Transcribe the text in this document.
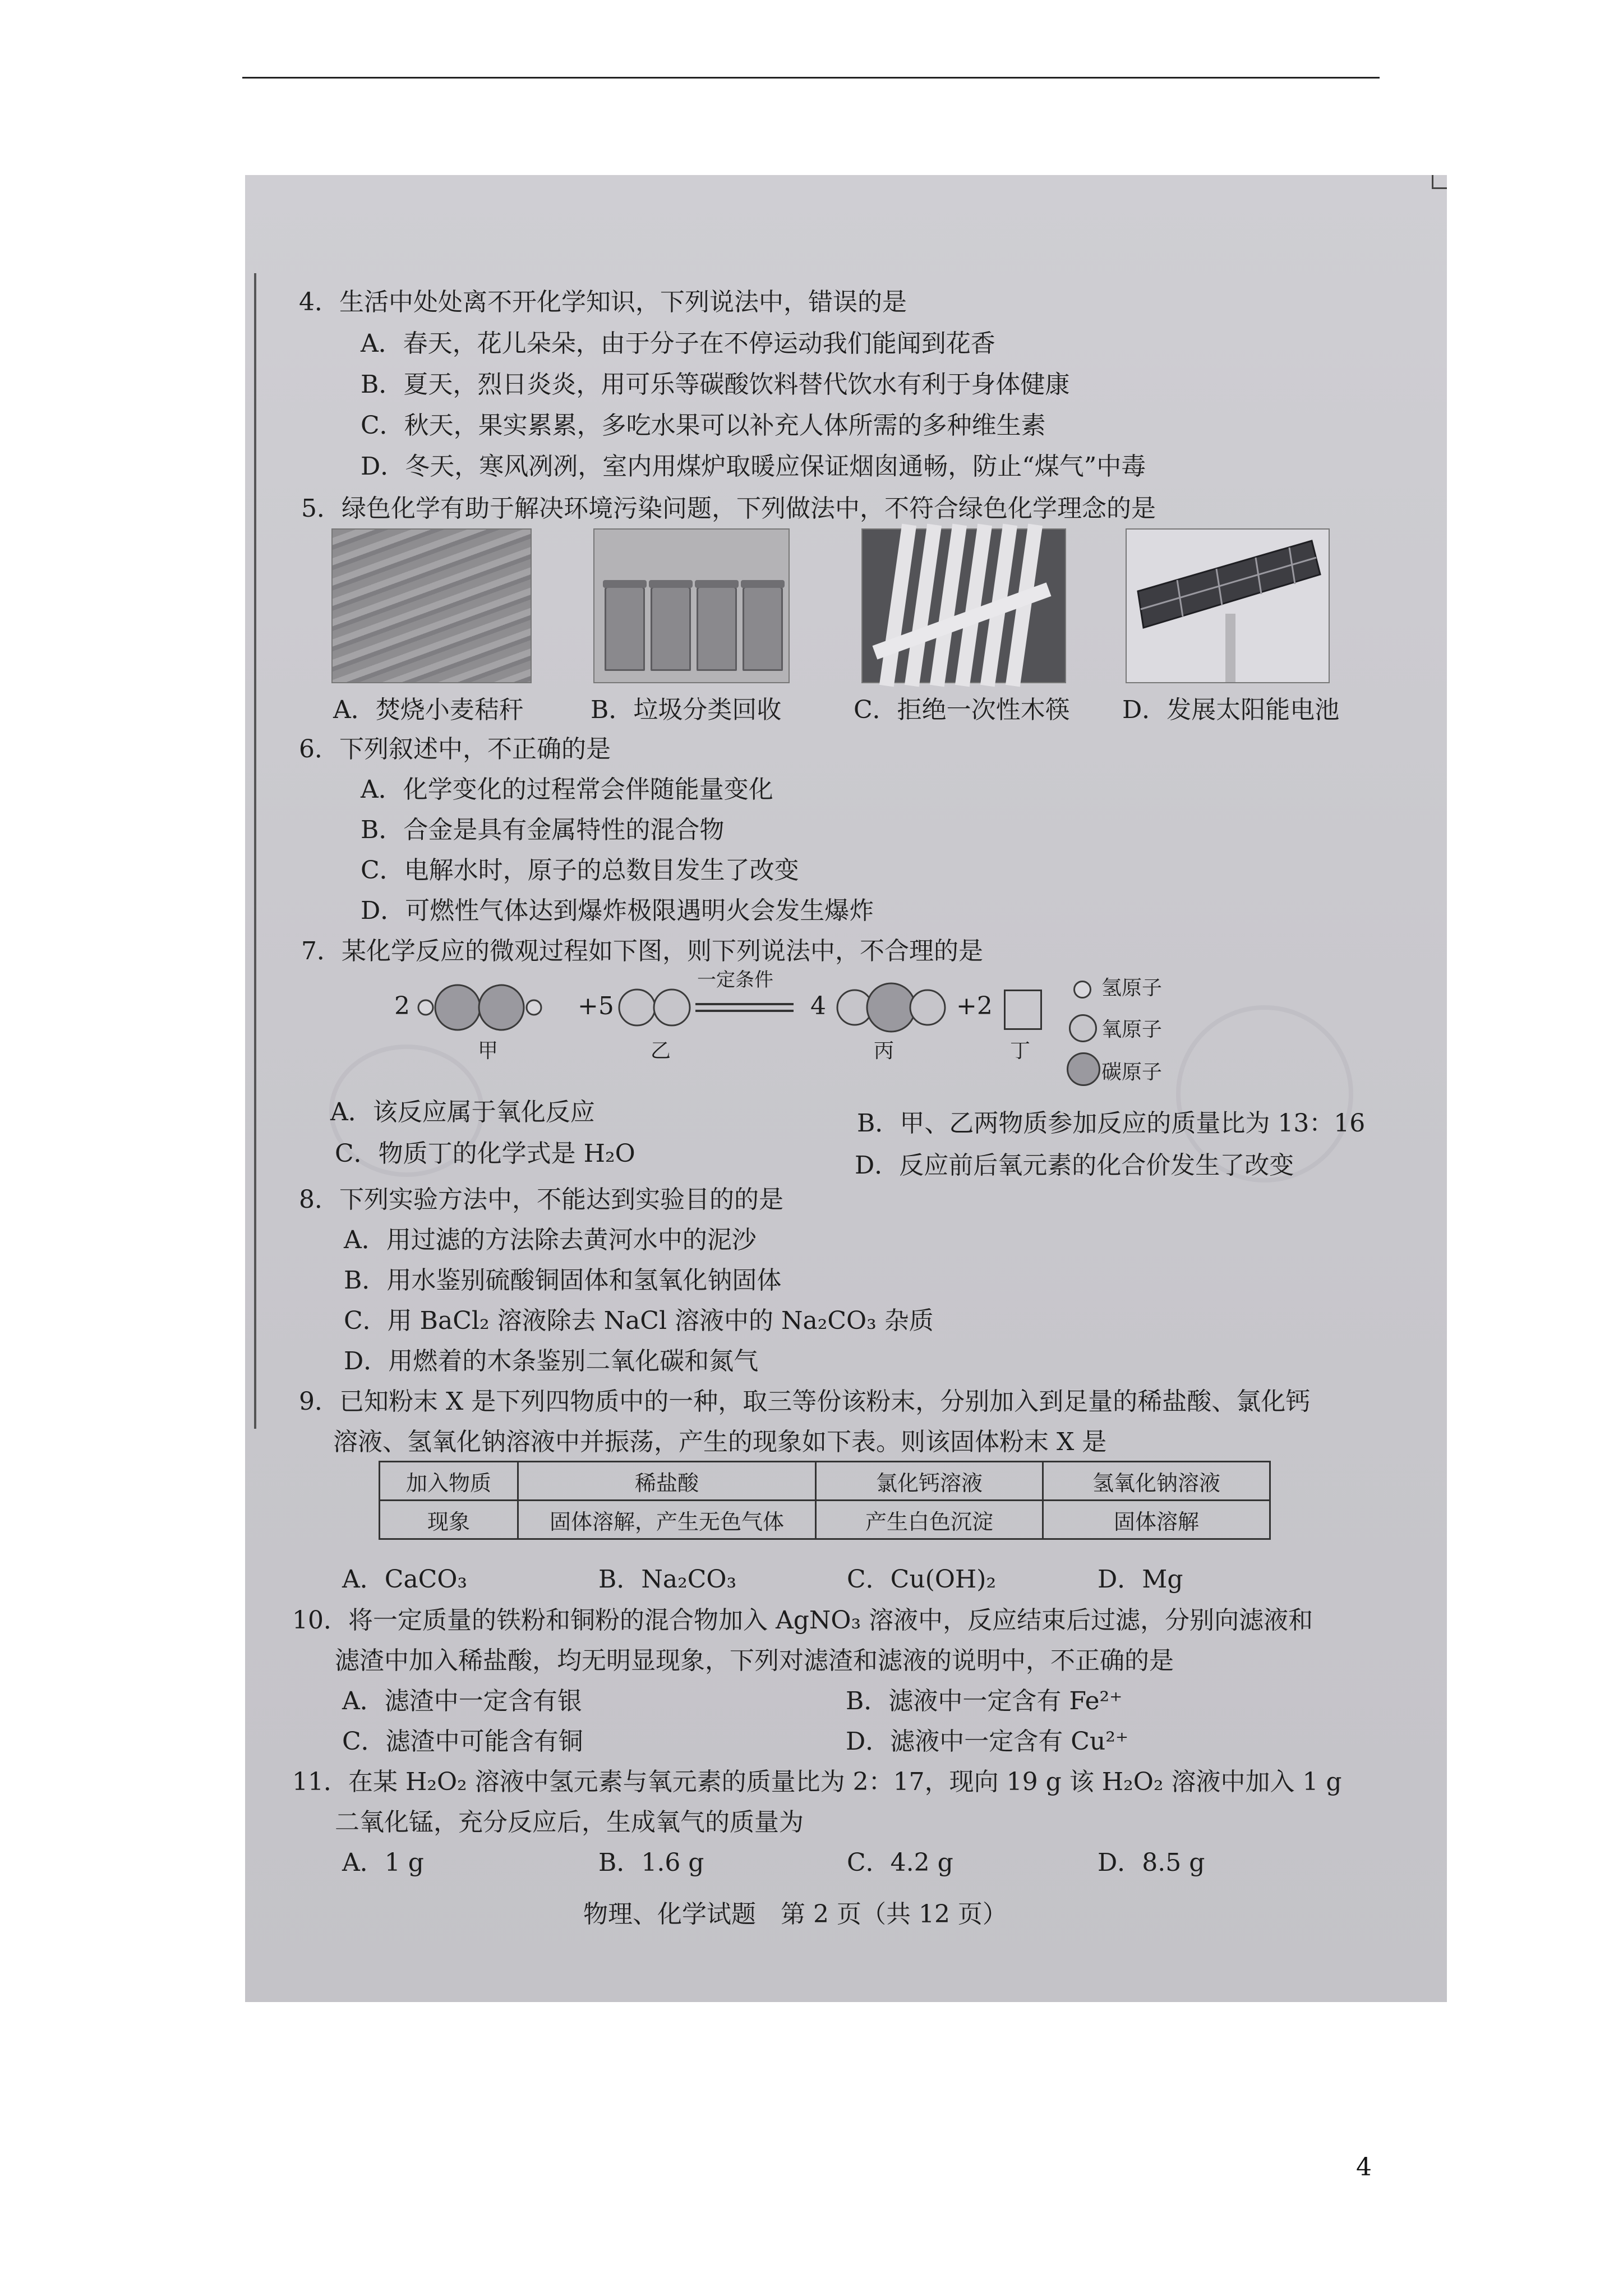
4．生活中处处离不开化学知识，下列说法中，错误的是
A．春天，花儿朵朵，由于分子在不停运动我们能闻到花香
B．夏天，烈日炎炎，用可乐等碳酸饮料替代饮水有利于身体健康
C．秋天，果实累累，多吃水果可以补充人体所需的多种维生素
D．冬天，寒风冽冽，室内用煤炉取暖应保证烟囱通畅，防止“煤气”中毒
5．绿色化学有助于解决环境污染问题，下列做法中，不符合绿色化学理念的是
A．焚烧小麦秸秆	B．垃圾分类回收	C．拒绝一次性木筷 D．发展太阳能电池
6．下列叙述中，不正确的是
A．化学变化的过程常会伴随能量变化
B．合金是具有金属特性的混合物
C．电解水时，原子的总数目发生了改变
D．可燃性气体达到爆炸极限遇明火会发生爆炸
7．某化学反应的微观过程如下图，则下列说法中，不合理的是
2
甲
+5
乙
一定条件
4
丙
+2
丁
氢原子
氧原子
碳原子
A．该反应属于氧化反应	B．甲、乙两物质参加反应的质量比为 13：16
C．物质丁的化学式是 H₂O	D．反应前后氧元素的化合价发生了改变
8．下列实验方法中，不能达到实验目的的是
A．用过滤的方法除去黄河水中的泥沙
B．用水鉴别硫酸铜固体和氢氧化钠固体
C．用 BaCl₂ 溶液除去 NaCl 溶液中的 Na₂CO₃ 杂质
D．用燃着的木条鉴别二氧化碳和氮气
9．已知粉末 X 是下列四物质中的一种，取三等份该粉末，分别加入到足量的稀盐酸、氯化钙
溶液、氢氧化钠溶液中并振荡，产生的现象如下表。则该固体粉末 X 是
加入物质	稀盐酸	氯化钙溶液	氢氧化钠溶液
现象	固体溶解，产生无色气体	产生白色沉淀	固体溶解
A．CaCO₃	B．Na₂CO₃	C．Cu(OH)₂	D．Mg
10．将一定质量的铁粉和铜粉的混合物加入 AgNO₃ 溶液中，反应结束后过滤，分别向滤液和
滤渣中加入稀盐酸，均无明显现象，下列对滤渣和滤液的说明中，不正确的是
A．滤渣中一定含有银	B．滤液中一定含有 Fe²⁺
C．滤渣中可能含有铜	D．滤液中一定含有 Cu²⁺
11．在某 H₂O₂ 溶液中氢元素与氧元素的质量比为 2：17，现向 19 g 该 H₂O₂ 溶液中加入 1 g
二氧化锰，充分反应后，生成氧气的质量为
A．1 g	B．1.6 g	C．4.2 g	D．8.5 g
物理、化学试题　第 2 页（共 12 页）
4
